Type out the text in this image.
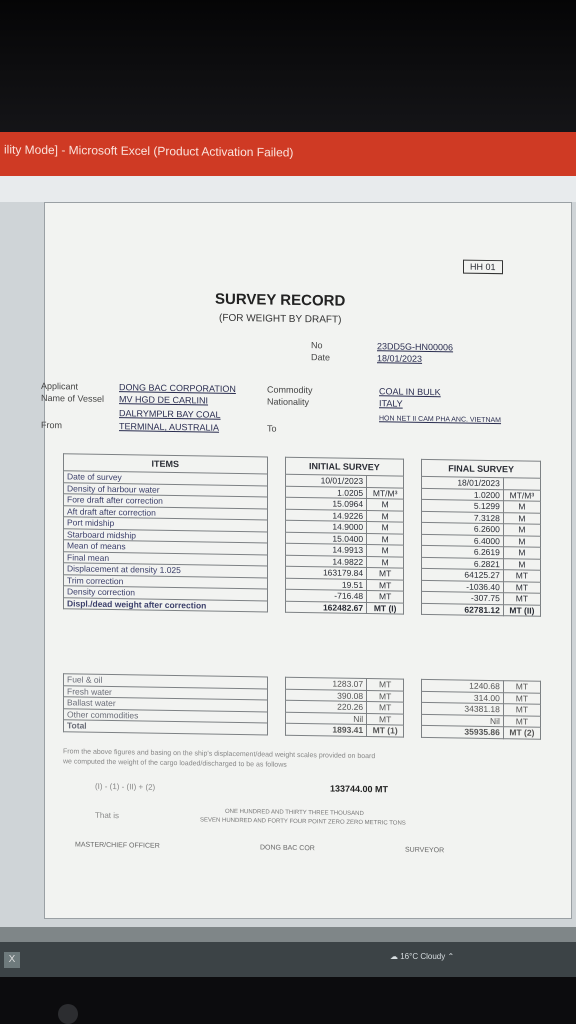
ility Mode] - Microsoft Excel (Product Activation Failed)
HH 01
SURVEY RECORD
(FOR WEIGHT BY DRAFT)
No	23DD5G-HN00006
Date	18/01/2023
Applicant	DONG BAC CORPORATION
Name of Vessel MV HGD DE CARLINI
Commodity	COAL IN BULK
Nationality	ITALY
DALRYMPLR BAY COAL
From	TERMINAL, AUSTRALIA	To
HON NET II CAM PHA ANC. VIETNAM
ITEMS		INITIAL SURVEY			FINAL SURVEY	
Date of survey		10/01/2023			18/01/2023	
Density of harbour water		1.0205	MT/M³		1.0200	MT/M³
Fore draft after correction		15.0964	M		5.1299	M
Aft draft after correction		14.9226	M		7.3128	M
Port midship		14.9000	M		6.2600	M
Starboard midship		15.0400	M		6.4000	M
Mean of means		14.9913	M		6.2619	M
Final mean		14.9822	M		6.2821	M
Displacement at density 1.025		163179.84	MT		64125.27	MT
Trim correction		19.51	MT		-1036.40	MT
Density correction		-716.48	MT		-307.75	MT
Displ./dead weight after correction		162482.67	MT (I)		62781.12	MT (II)
Fuel & oil		1283.07	MT		1240.68	MT
Fresh water		390.08	MT		314.00	MT
Ballast water		220.26	MT		34381.18	MT
Other commodities		Nil	MT		Nil	MT
Total		1893.41	MT (1)		35935.86	MT (2)
From the above figures and basing on the ship's displacement/dead weight scales provided on board
we computed the weight of the cargo loaded/discharged to be as follows
(I) - (1) - (II) + (2)	133744.00 MT
That is	ONE HUNDRED AND THIRTY THREE THOUSAND
SEVEN HUNDRED AND FORTY FOUR POINT ZERO ZERO METRIC TONS
MASTER/CHIEF OFFICER	DONG BAC COR	SURVEYOR
X	☁ 16°C Cloudy ⌃
